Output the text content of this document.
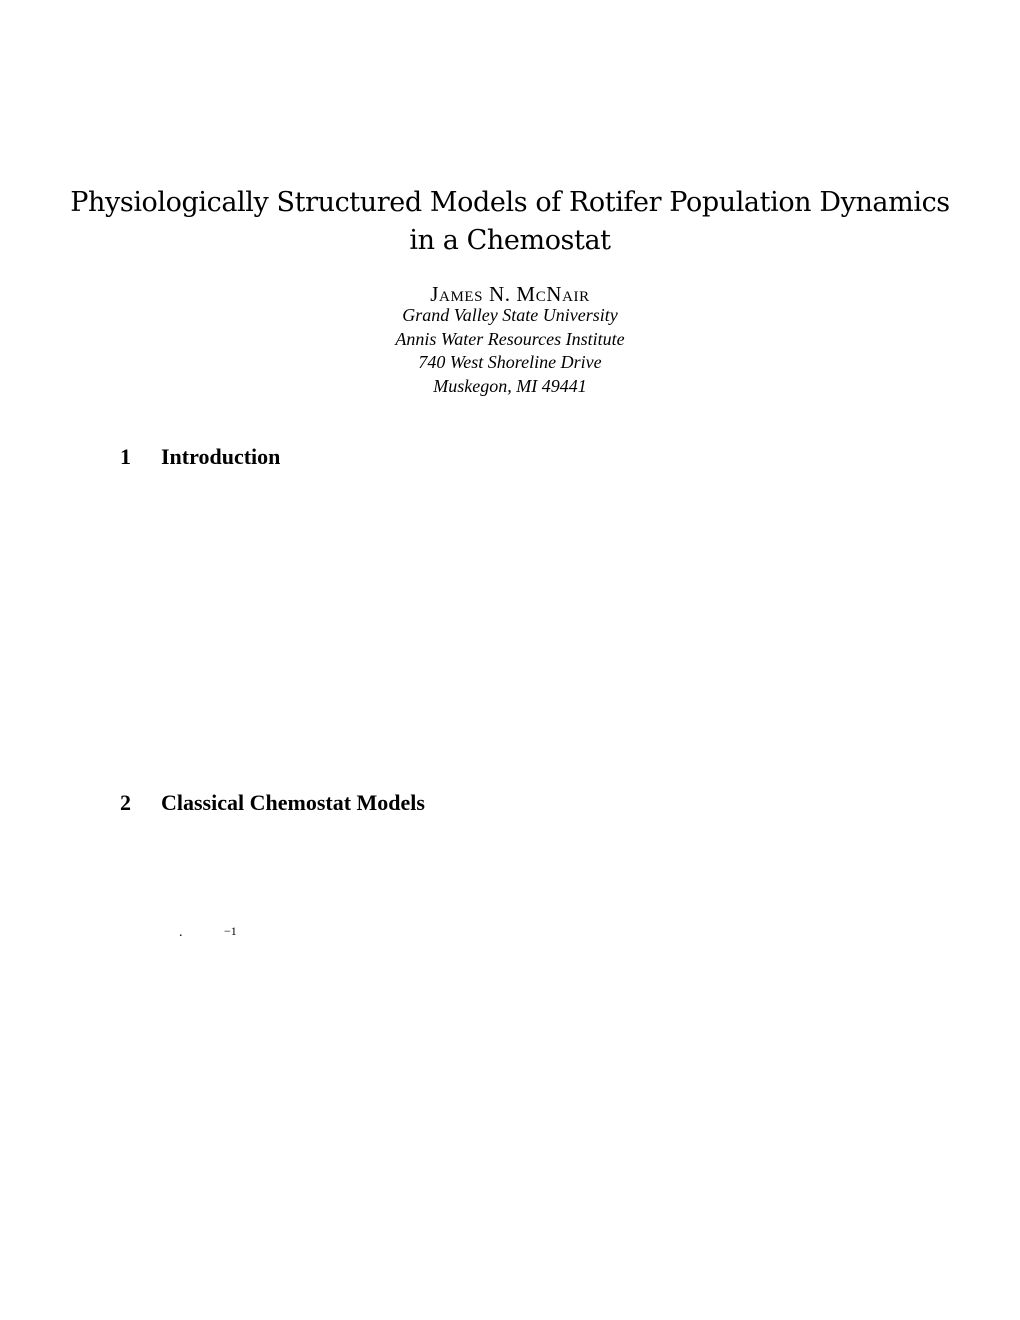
Physiologically Structured Models of Rotifer Population Dynamics
in a Chemostat
James N. McNair
Grand Valley State University
Annis Water Resources Institute
740 West Shoreline Drive
Muskegon, MI 49441
1 Introduction
2 Classical Chemostat Models
.	−1
